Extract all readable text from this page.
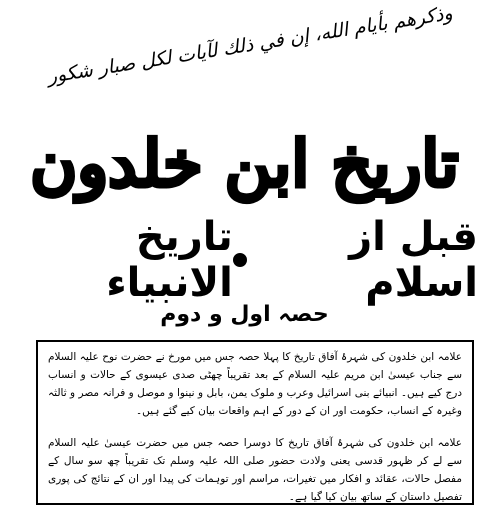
وذكرهم بأيام الله، إن في ذلك لآيات لكل صبار شكور
تاريخ ابن خلدون
قبل از اسلام
تاريخ الانبياء
حصہ اول و دوم

علامہ ابن خلدون کی شہرۂ آفاق تاریخ کا پہلا حصہ جس میں مورخ نے حضرت نوح علیہ السلام سے جناب عیسیٰ ابن مریم علیہ السلام کے بعد تقریباً چھٹی صدی عیسوی کے حالات و انساب درج کیے ہیں۔ انبیائے بنی اسرائیل وعرب و ملوک یمن، بابل و نینوا و موصل و فرانہ مصر و ثالثہ وغیرہ کے انساب، حکومت اور ان کے دور کے اہم واقعات بیان کیے گئے ہیں۔

علامہ ابن خلدون کی شہرۂ آفاق تاریخ کا دوسرا حصہ جس میں حضرت عیسیٰ علیہ السلام سے لے کر ظہور قدسی یعنی ولادت حضور صلی اللہ علیہ وسلم تک تقریباً چھ سو سال کے مفصل حالات، عقائد و افکار میں تغیرات، مراسم اور توہمات کی پیدا اور ان کے نتائج کی پوری تفصیل داستان کے ساتھ بیان کیا گیا ہے۔
